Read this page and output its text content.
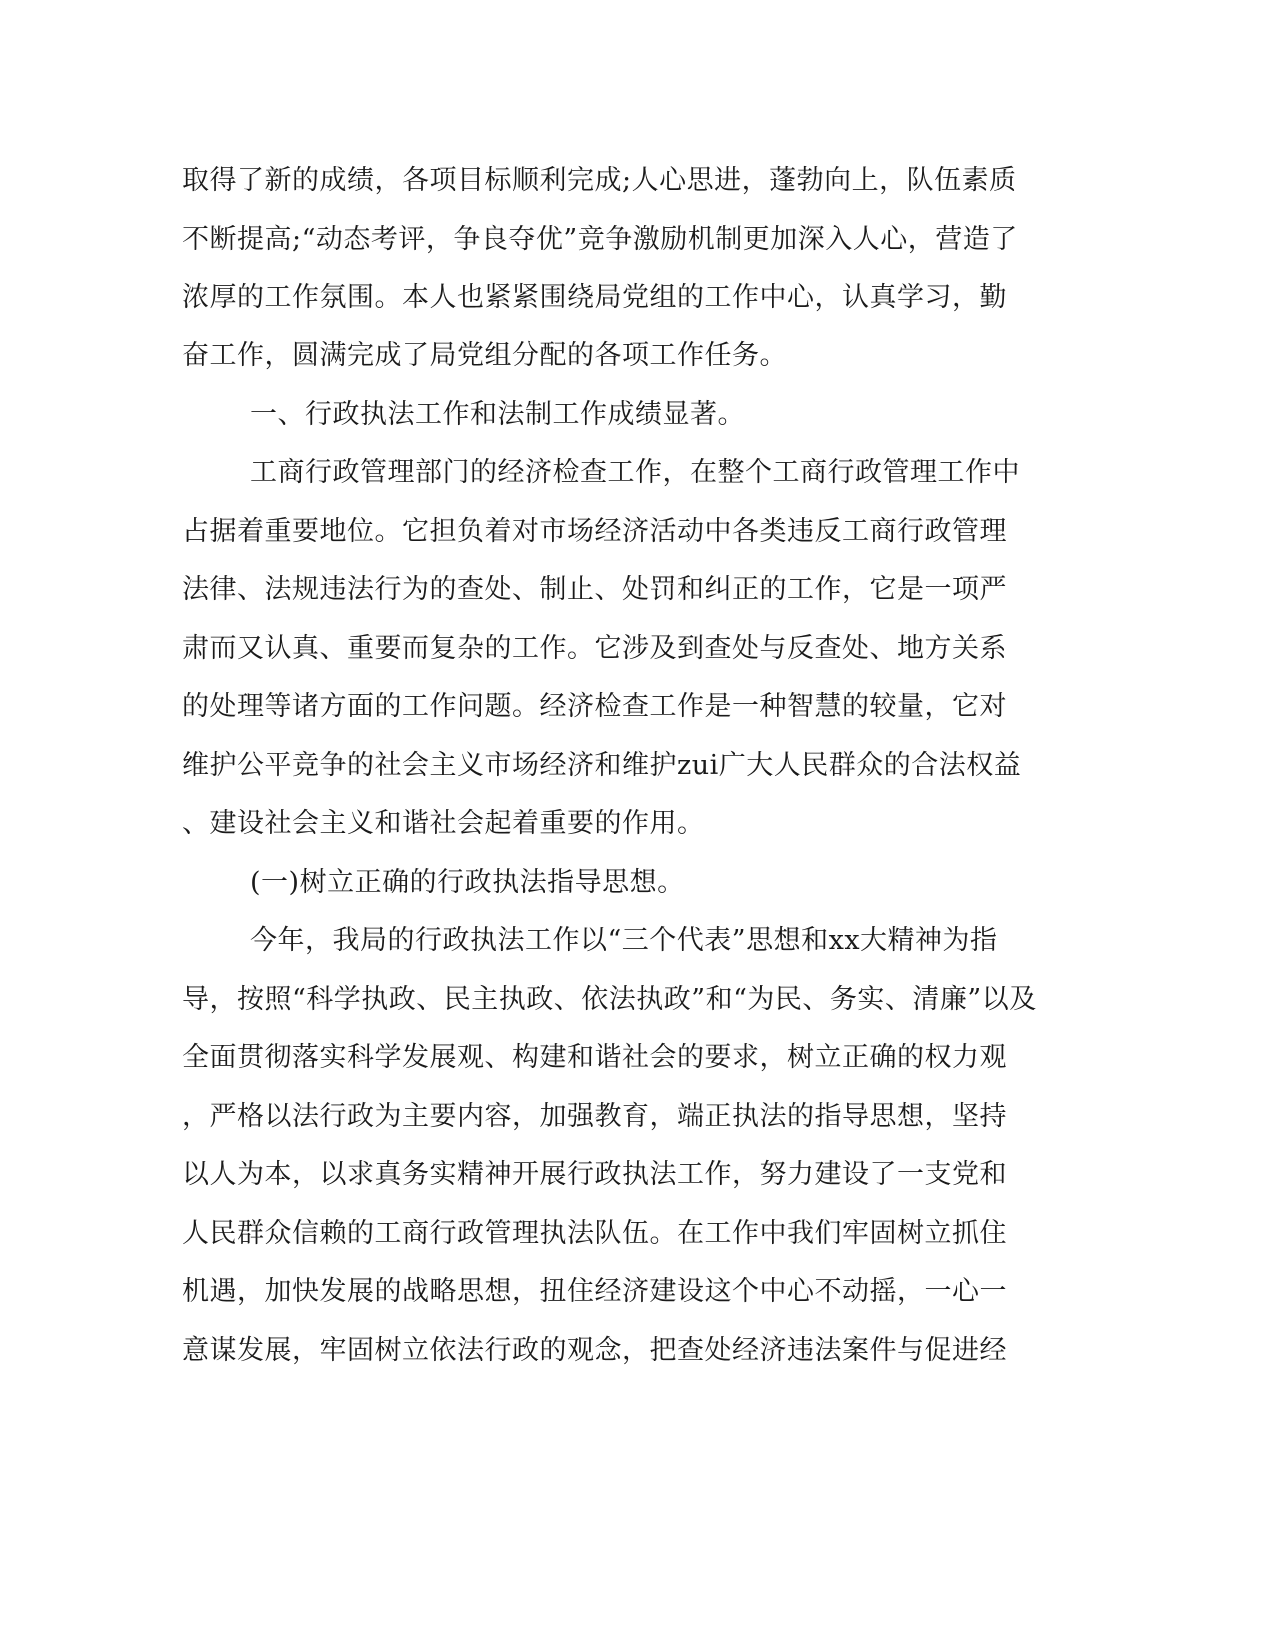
取得了新的成绩，各项目标顺利完成;人心思进，蓬勃向上，队伍素质

不断提高;“动态考评，争良夺优”竞争激励机制更加深入人心，营造了

浓厚的工作氛围。本人也紧紧围绕局党组的工作中心，认真学习，勤

奋工作，圆满完成了局党组分配的各项工作任务。

一、行政执法工作和法制工作成绩显著。

工商行政管理部门的经济检查工作，在整个工商行政管理工作中

占据着重要地位。它担负着对市场经济活动中各类违反工商行政管理

法律、法规违法行为的查处、制止、处罚和纠正的工作，它是一项严

肃而又认真、重要而复杂的工作。它涉及到查处与反查处、地方关系

的处理等诸方面的工作问题。经济检查工作是一种智慧的较量，它对

维护公平竞争的社会主义市场经济和维护zui广大人民群众的合法权益

、建设社会主义和谐社会起着重要的作用。

(一)树立正确的行政执法指导思想。

今年，我局的行政执法工作以“三个代表”思想和xx大精神为指

导，按照“科学执政、民主执政、依法执政”和“为民、务实、清廉”以及

全面贯彻落实科学发展观、构建和谐社会的要求，树立正确的权力观

，严格以法行政为主要内容，加强教育，端正执法的指导思想，坚持

以人为本，以求真务实精神开展行政执法工作，努力建设了一支党和

人民群众信赖的工商行政管理执法队伍。在工作中我们牢固树立抓住

机遇，加快发展的战略思想，扭住经济建设这个中心不动摇，一心一

意谋发展，牢固树立依法行政的观念，把查处经济违法案件与促进经
